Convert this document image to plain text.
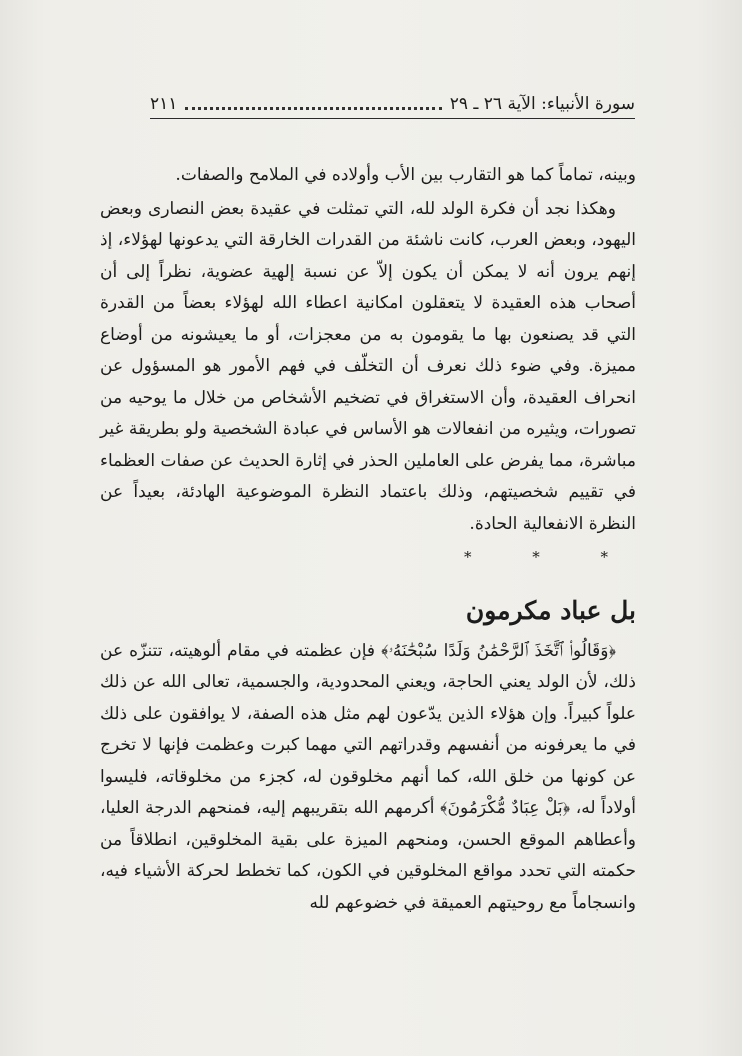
سورة الأنبياء: الآية ٢٦ ـ ٢٩
٢١١

وبينه، تماماً كما هو التقارب بين الأب وأولاده في الملامح والصفات.

وهكذا نجد أن فكرة الولد لله، التي تمثلت في عقيدة بعض النصارى وبعض اليهود، وبعض العرب، كانت ناشئة من القدرات الخارقة التي يدعونها لهؤلاء، إذ إنهم يرون أنه لا يمكن أن يكون إلاّ عن نسبة إلهية عضوية، نظراً إلى أن أصحاب هذه العقيدة لا يتعقلون امكانية اعطاء الله لهؤلاء بعضاً من القدرة التي قد يصنعون بها ما يقومون به من معجزات، أو ما يعيشونه من أوضاع مميزة. وفي ضوء ذلك نعرف أن التخلّف في فهم الأمور هو المسؤول عن انحراف العقيدة، وأن الاستغراق في تضخيم الأشخاص من خلال ما يوحيه من تصورات، ويثيره من انفعالات هو الأساس في عبادة الشخصية ولو بطريقة غير مباشرة، مما يفرض على العاملين الحذر في إثارة الحديث عن صفات العظماء في تقييم شخصيتهم، وذلك باعتماد النظرة الموضوعية الهادئة، بعيداً عن النظرة الانفعالية الحادة.

* * *
بل عباد مكرمون

﴿وَقَالُوا۟ ٱتَّخَذَ ٱلرَّحْمَٰنُ وَلَدًا سُبْحَٰنَهُۥ﴾ فإن عظمته في مقام ألوهيته، تتنزّه عن ذلك، لأن الولد يعني الحاجة، ويعني المحدودية، والجسمية، تعالى الله عن ذلك علواً كبيراً. وإن هؤلاء الذين يدّعون لهم مثل هذه الصفة، لا يوافقون على ذلك في ما يعرفونه من أنفسهم وقدراتهم التي مهما كبرت وعظمت فإنها لا تخرج عن كونها من خلق الله، كما أنهم مخلوقون له، كجزء من مخلوقاته، فليسوا أولاداً له، ﴿بَلْ عِبَادٌ مُّكْرَمُونَ﴾ أكرمهم الله بتقريبهم إليه، فمنحهم الدرجة العليا، وأعطاهم الموقع الحسن، ومنحهم الميزة على بقية المخلوقين، انطلاقاً من حكمته التي تحدد مواقع المخلوقين في الكون، كما تخطط لحركة الأشياء فيه، وانسجاماً مع روحيتهم العميقة في خضوعهم لله
